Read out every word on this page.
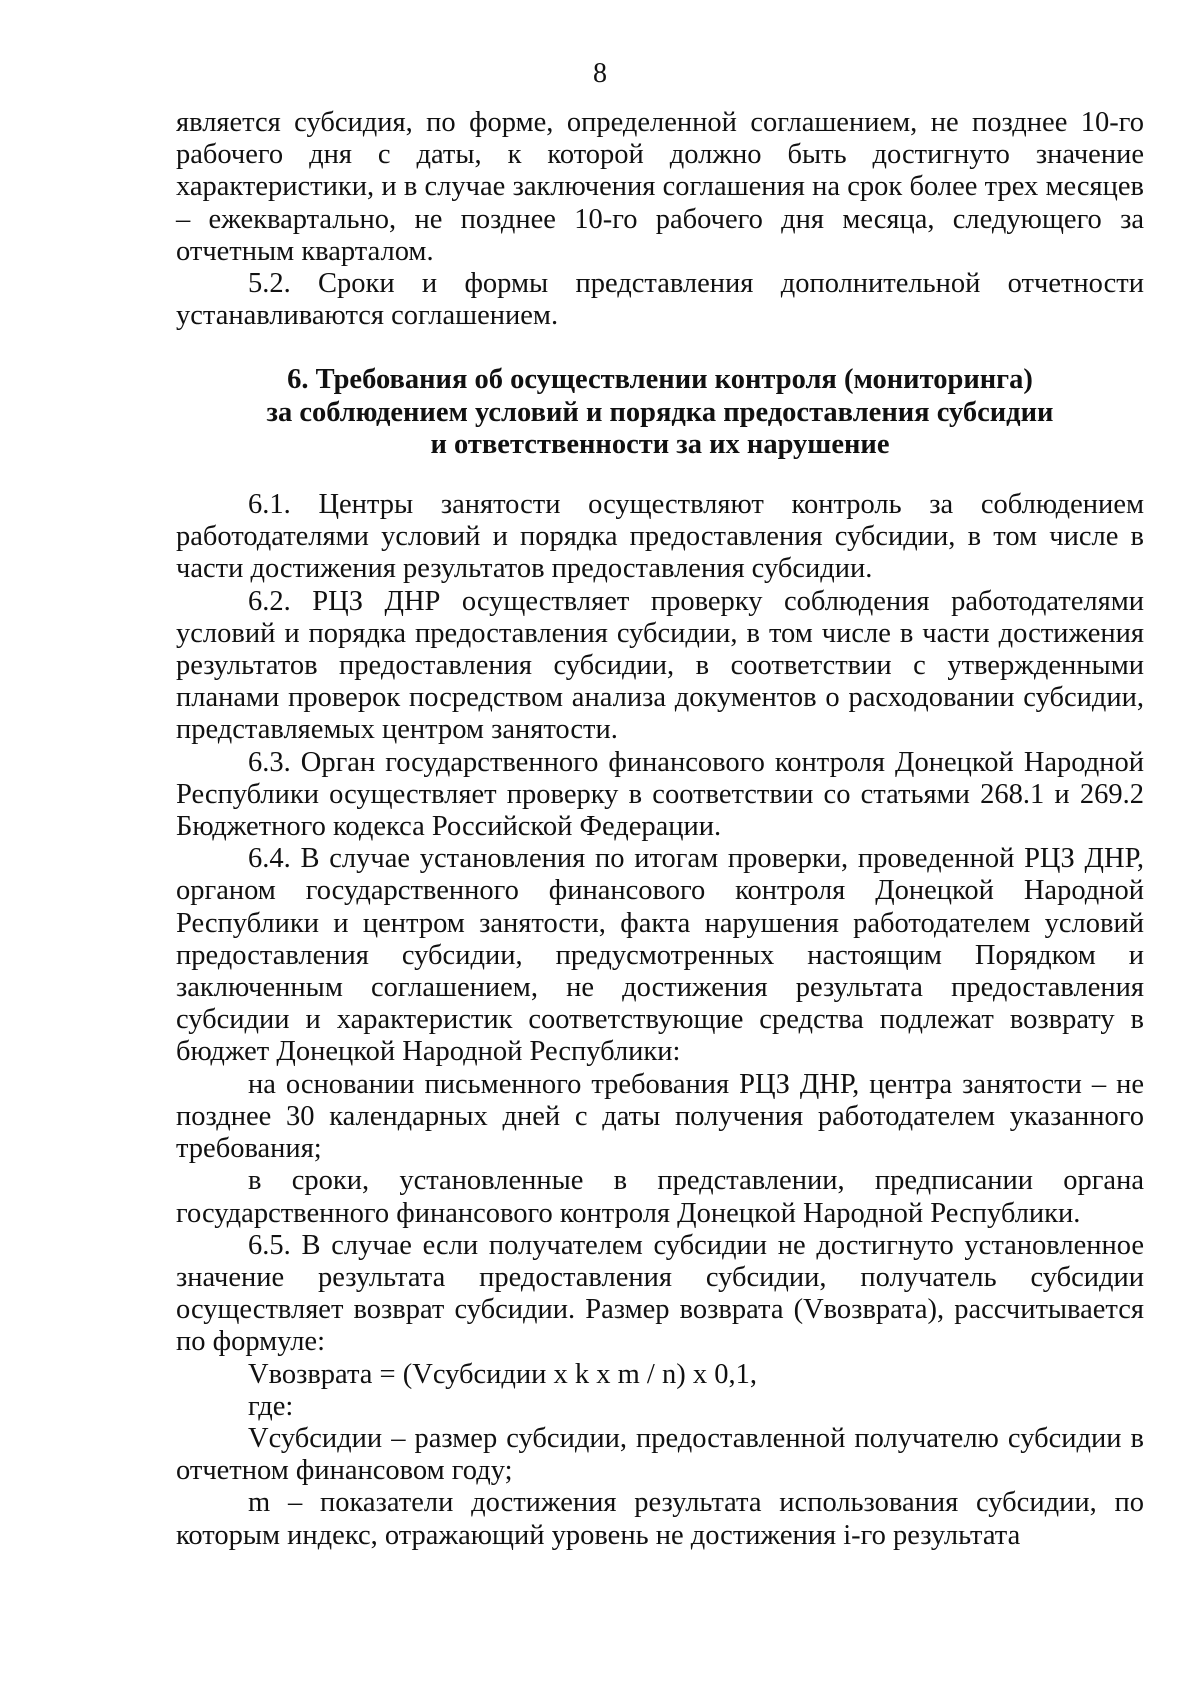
8

является субсидия, по форме, определенной соглашением, не позднее 10-го рабочего дня с даты, к которой должно быть достигнуто значение характеристики, и в случае заключения соглашения на срок более трех месяцев – ежеквартально, не позднее 10-го рабочего дня месяца, следующего за отчетным кварталом.

5.2. Сроки и формы представления дополнительной отчетности устанавливаются соглашением.

6. Требования об осуществлении контроля (мониторинга)
за соблюдением условий и порядка предоставления субсидии
и ответственности за их нарушение

6.1. Центры занятости осуществляют контроль за соблюдением работодателями условий и порядка предоставления субсидии, в том числе в части достижения результатов предоставления субсидии.

6.2. РЦЗ ДНР осуществляет проверку соблюдения работодателями условий и порядка предоставления субсидии, в том числе в части достижения результатов предоставления субсидии, в соответствии с утвержденными планами проверок посредством анализа документов о расходовании субсидии, представляемых центром занятости.

6.3. Орган государственного финансового контроля Донецкой Народной Республики осуществляет проверку в соответствии со статьями 268.1 и 269.2 Бюджетного кодекса Российской Федерации.

6.4. В случае установления по итогам проверки, проведенной РЦЗ ДНР, органом государственного финансового контроля Донецкой Народной Республики и центром занятости, факта нарушения работодателем условий предоставления субсидии, предусмотренных настоящим Порядком и заключенным соглашением, не достижения результата предоставления субсидии и характеристик соответствующие средства подлежат возврату в бюджет Донецкой Народной Республики:

на основании письменного требования РЦЗ ДНР, центра занятости – не позднее 30 календарных дней с даты получения работодателем указанного требования;

в сроки, установленные в представлении, предписании органа государственного финансового контроля Донецкой Народной Республики.

6.5. В случае если получателем субсидии не достигнуто установленное значение результата предоставления субсидии, получатель субсидии осуществляет возврат субсидии. Размер возврата (Vвозврата), рассчитывается по формуле:

Vвозврата = (Vсубсидии x k x m / n) x 0,1,

где:

Vсубсидии – размер субсидии, предоставленной получателю субсидии в отчетном финансовом году;

m – показатели достижения результата использования субсидии, по которым индекс, отражающий уровень не достижения i-го результата
